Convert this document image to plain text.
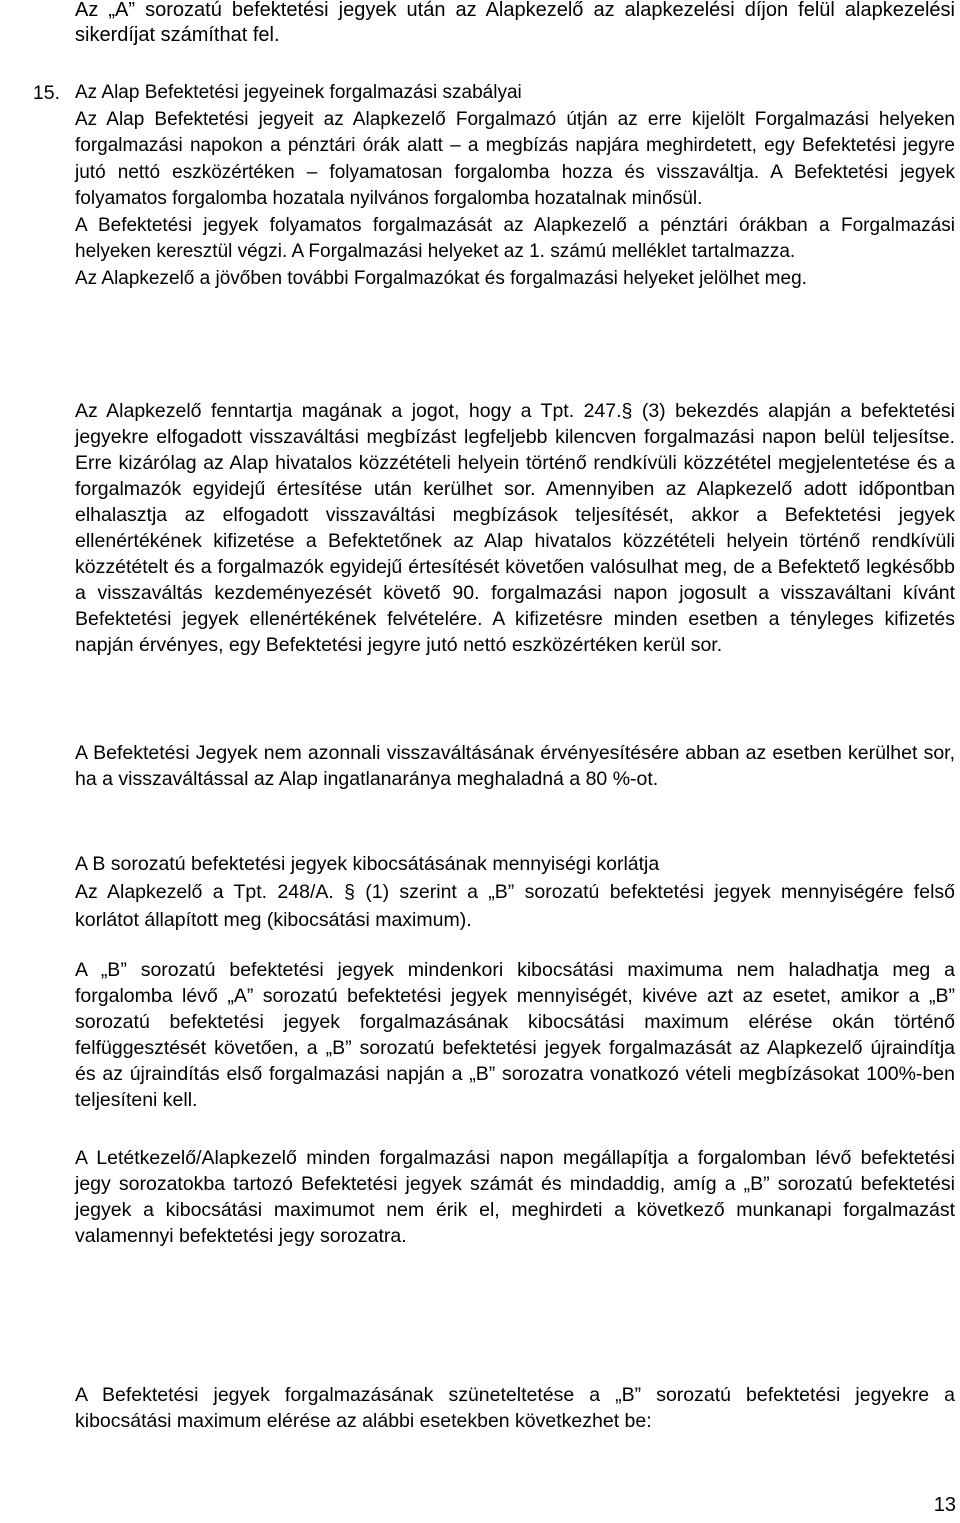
Az „A” sorozatú befektetési jegyek után az Alapkezelő az alapkezelési díjon felül alapkezelési sikerdíjat számíthat fel.

15. Az Alap Befektetési jegyeinek forgalmazási szabályai
Az Alap Befektetési jegyeit az Alapkezelő Forgalmazó útján az erre kijelölt Forgalmazási helyeken forgalmazási napokon a pénztári órák alatt – a megbízás napjára meghirdetett, egy Befektetési jegyre jutó nettó eszközértéken – folyamatosan forgalomba hozza és visszaváltja. A Befektetési jegyek folyamatos forgalomba hozatala nyilvános forgalomba hozatalnak minősül.
A Befektetési jegyek folyamatos forgalmazását az Alapkezelő a pénztári órákban a Forgalmazási helyeken keresztül végzi. A Forgalmazási helyeket az 1. számú melléklet tartalmazza.
Az Alapkezelő a jövőben további Forgalmazókat és forgalmazási helyeket jelölhet meg.

Az Alapkezelő fenntartja magának a jogot, hogy a Tpt. 247.§ (3) bekezdés alapján a befektetési jegyekre elfogadott visszaváltási megbízást legfeljebb kilencven forgalmazási napon belül teljesítse. Erre kizárólag az Alap hivatalos közzétételi helyein történő rendkívüli közzététel megjelentetése és a forgalmazók egyidejű értesítése után kerülhet sor. Amennyiben az Alapkezelő adott időpontban elhalasztja az elfogadott visszaváltási megbízások teljesítését, akkor a Befektetési jegyek ellenértékének kifizetése a Befektetőnek az Alap hivatalos közzétételi helyein történő rendkívüli közzétételt és a forgalmazók egyidejű értesítését követően valósulhat meg, de a Befektető legkésőbb a visszaváltás kezdeményezését követő 90. forgalmazási napon jogosult a visszaváltani kívánt Befektetési jegyek ellenértékének felvételére. A kifizetésre minden esetben a tényleges kifizetés napján érvényes, egy Befektetési jegyre jutó nettó eszközértéken kerül sor.

A Befektetési Jegyek nem azonnali visszaváltásának érvényesítésére abban az esetben kerülhet sor, ha a visszaváltással az Alap ingatlanaránya meghaladná a 80 %-ot.

A B sorozatú befektetési jegyek kibocsátásának mennyiségi korlátja
Az Alapkezelő a Tpt. 248/A. § (1) szerint a „B” sorozatú befektetési jegyek mennyiségére felső korlátot állapított meg (kibocsátási maximum).

A „B” sorozatú befektetési jegyek mindenkori kibocsátási maximuma nem haladhatja meg a forgalomba lévő „A” sorozatú befektetési jegyek mennyiségét, kivéve azt az esetet, amikor a „B” sorozatú befektetési jegyek forgalmazásának kibocsátási maximum elérése okán történő felfüggesztését követően, a „B” sorozatú befektetési jegyek forgalmazását az Alapkezelő újraindítja és az újraindítás első forgalmazási napján a „B” sorozatra vonatkozó vételi megbízásokat 100%-ben teljesíteni kell.

A Letétkezelő/Alapkezelő minden forgalmazási napon megállapítja a forgalomban lévő befektetési jegy sorozatokba tartozó Befektetési jegyek számát és mindaddig, amíg a „B” sorozatú befektetési jegyek a kibocsátási maximumot nem érik el, meghirdeti a következő munkanapi forgalmazást valamennyi befektetési jegy sorozatra.

A Befektetési jegyek forgalmazásának szüneteltetése a „B” sorozatú befektetési jegyekre a kibocsátási maximum elérése az alábbi esetekben következhet be:

13
